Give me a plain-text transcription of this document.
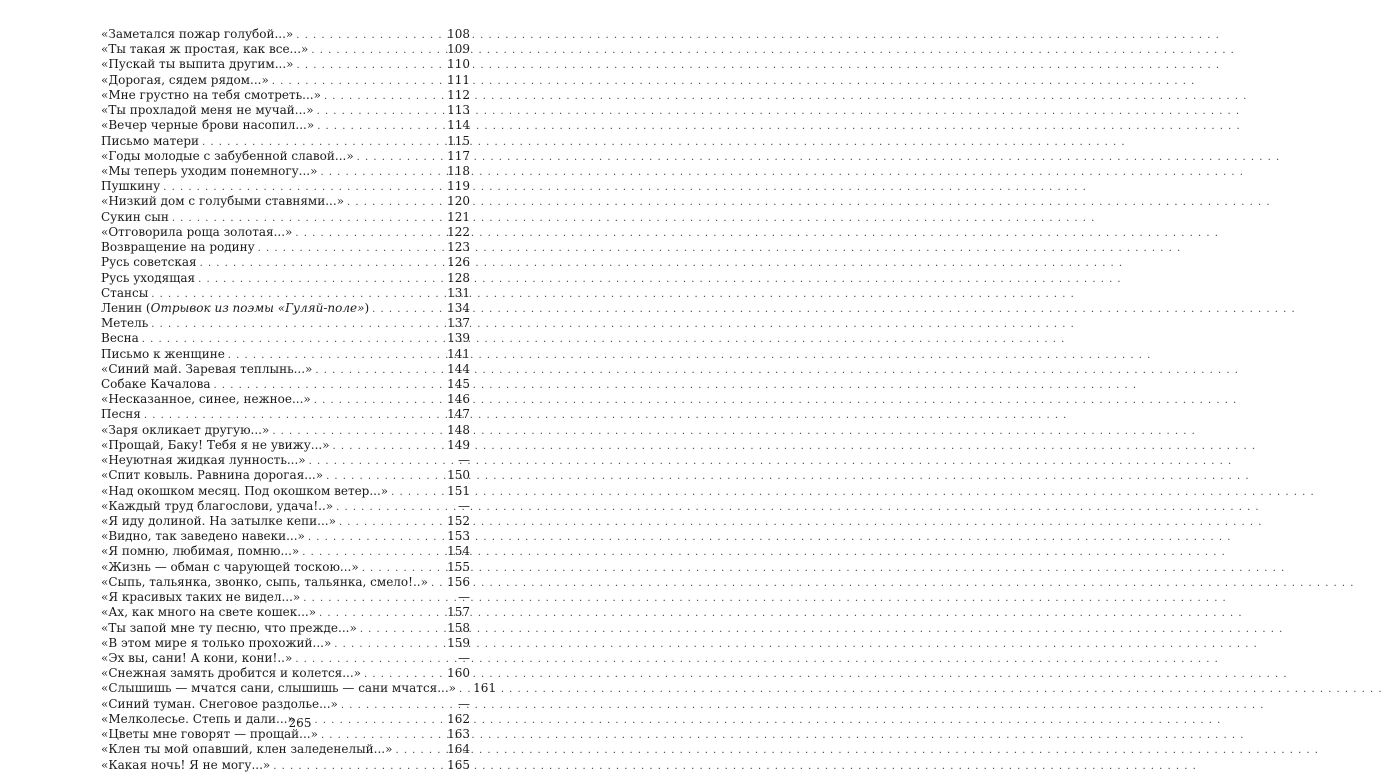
«Заметался пожар голубой...» . . .	108
«Ты такая ж простая, как все...» . . .	109
«Пускай ты выпита другим...» . . .	110
«Дорогая, сядем рядом...» . . .	111
«Мне грустно на тебя смотреть...» . . .	112
«Ты прохладой меня не мучай...» . . .	113
«Вечер черные брови насопил...» . . .	114
Письмо матери . . .	115
«Годы молодые с забубенной славой...» . . .	117
«Мы теперь уходим понемногу...» . . .	118
Пушкину . . .	119
«Низкий дом с голубыми ставнями...» . . .	120
Сукин сын . . .	121
«Отговорила роща золотая...» . . .	122
Возвращение на родину . . .	123
Русь советская . . .	126
Русь уходящая . . .	128
Стансы . . .	131
Ленин ( Отрывок из поэмы «Гуляй-поле» ) . . .	134
Метель . . .	137
Весна . . .	139
Письмо к женщине . . .	141
«Синий май. Заревая теплынь...» . . .	144
Собаке Качалова . . .	145
«Несказанное, синее, нежное...» . . .	146
Песня . . .	147
«Заря окликает другую...» . . .	148
«Прощай, Баку! Тебя я не увижу...» . . .	149
«Неуютная жидкая лунность...» . . .	—
«Спит ковыль. Равнина дорогая...» . . .	150
«Над окошком месяц. Под окошком ветер...» . . .	151
«Каждый труд благослови, удача!..» . . .	—
«Я иду долиной. На затылке кепи...» . . .	152
«Видно, так заведено навеки...» . . .	153
«Я помню, любимая, помню...» . . .	154
«Жизнь — обман с чарующей тоскою...» . . .	155
«Сыпь, тальянка, звонко, сыпь, тальянка, смело!..» . . . 156
«Я красивых таких не видел...» . . .	—
«Ах, как много на свете кошек...» . . .	157
«Ты запой мне ту песню, что прежде...» . . .	158
«В этом мире я только прохожий...» . . .	159
«Эх вы, сани! А кони, кони!..» . . .	—
«Снежная замять дробится и колется...» . . .	160
«Слышишь — мчатся сани, слышишь — сани мчатся...» . . . 161
«Синий туман. Снеговое раздолье...» . . .	—
«Мелколесье. Степь и дали...» . . .	162
«Цветы мне говорят — прощай...» . . .	163
«Клен ты мой опавший, клен заледенелый...» . . .	164
«Какая ночь! Я не могу...» . . .	165
265
